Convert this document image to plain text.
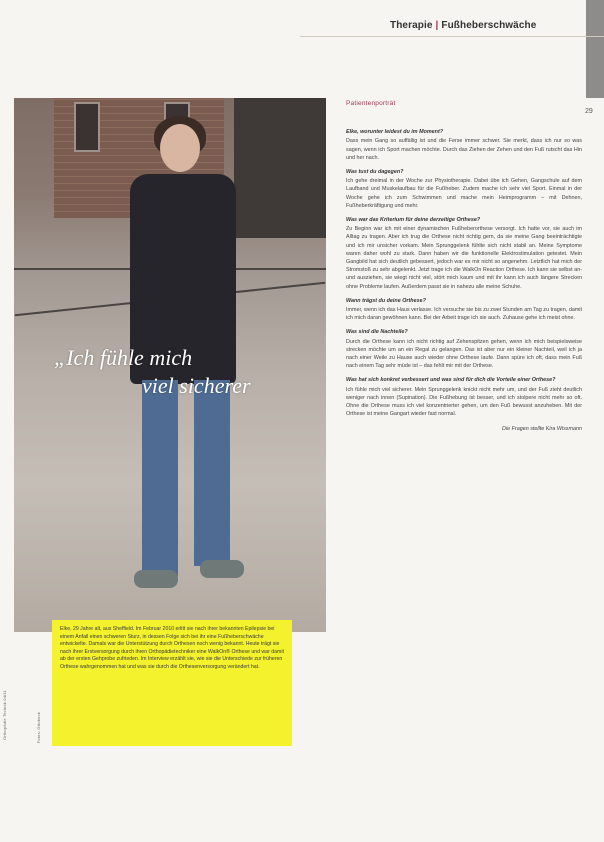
Therapie | Fußheberschwäche
29
„Ich fühle mich
viel sicherer
Elke, 29 Jahre alt, aus Sheffield. Im Februar 2010 erlitt sie nach ihrer bekannten Epilepsie bei einem Anfall einen schweren Sturz, in dessen Folge sich bei ihr eine Fußheberschwäche entwickelte. Damals war die Unterstützung durch Orthesen noch wenig bekannt. Heute trägt sie nach ihrer Erstversorgung durch ihren Orthopädietechniker eine WalkOn® Orthese und war damit ab der ersten Gehprobe zufrieden. Im Interview erzählt sie, wie sie die Unterschiede zur früheren Orthese wahrgenommen hat und was sie durch die Orthesenversorgung verändert hat.
Orthopädie Technik 04/11	Fotos: Ottobock
Patientenporträt

Elke, worunter leidest du im Moment?

Dass mein Gang so auffällig ist und die Ferse immer schwer. Sie merkt, dass ich nur so was sagen, wenn ich Sport machen möchte. Durch das Ziehen der Zehen und den Fuß rutscht das Hin und her nach.

Was tust du dagegen?

Ich gehe dreimal in der Woche zur Physiotherapie. Dabei übe ich Gehen, Gangschule auf dem Laufband und Muskelaufbau für die Fußheber. Zudem mache ich sehr viel Sport. Einmal in der Woche gehe ich zum Schwimmen und mache mein Heimprogramm – mit Dehnen, Fußheberkräftigung und mehr.

Was war das Kriterium für deine derzeitige Orthese?

Zu Beginn war ich mit einer dynamischen Fußheberorthese versorgt. Ich hatte vor, sie auch im Alltag zu tragen. Aber ich trug die Orthese nicht richtig gern, da sie meine Gang beeinträchtigte und ich mir unsicher vorkam. Mein Sprunggelenk fühlte sich nicht stabil an. Meine Symptome waren daher wohl zu stark. Dann haben wir die funktionelle Elektrostimulation getestet. Mein Gangbild hat sich deutlich gebessert, jedoch war es mir nicht so angenehm. Letztlich hat mich der Stromstoß zu sehr abgelenkt. Jetzt trage ich die WalkOn Reaction Orthese. Ich kann sie selbst an- und ausziehen, sie wiegt nicht viel, stört mich kaum und mit ihr kann ich auch längere Strecken ohne Probleme laufen. Außerdem passt sie in nahezu alle meine Schuhe.

Wann trägst du deine Orthese?

Immer, wenn ich das Haus verlasse. Ich versuche sie bis zu zwei Stunden am Tag zu tragen, damit ich mich daran gewöhnen kann. Bei der Arbeit trage ich sie auch. Zuhause gehe ich meist ohne.

Was sind die Nachteile?

Durch die Orthese kann ich nicht richtig auf Zehenspitzen gehen, wenn ich mich beispielsweise strecken möchte um an ein Regal zu gelangen. Das ist aber nur ein kleiner Nachteil, weil ich ja nach einer Weile zu Hause auch wieder ohne Orthese laufe. Dann spüre ich oft, dass mein Fuß nach einem Tag sehr müde ist – das fehlt mir mit der Orthese.

Was hat sich konkret verbessert und was sind für dich die Vorteile einer Orthese?

Ich fühle mich viel sicherer. Mein Sprunggelenk knickt nicht mehr um, und der Fuß zieht deutlich weniger nach innen (Supination). Die Fußhebung ist besser, und ich stolpere nicht mehr so oft. Ohne die Orthese muss ich viel konzentrierter gehen, um den Fuß bewusst anzuheben. Mit der Orthese ist meine Gangart wieder fast normal.

Die Fragen stellte Kira Wissmann
